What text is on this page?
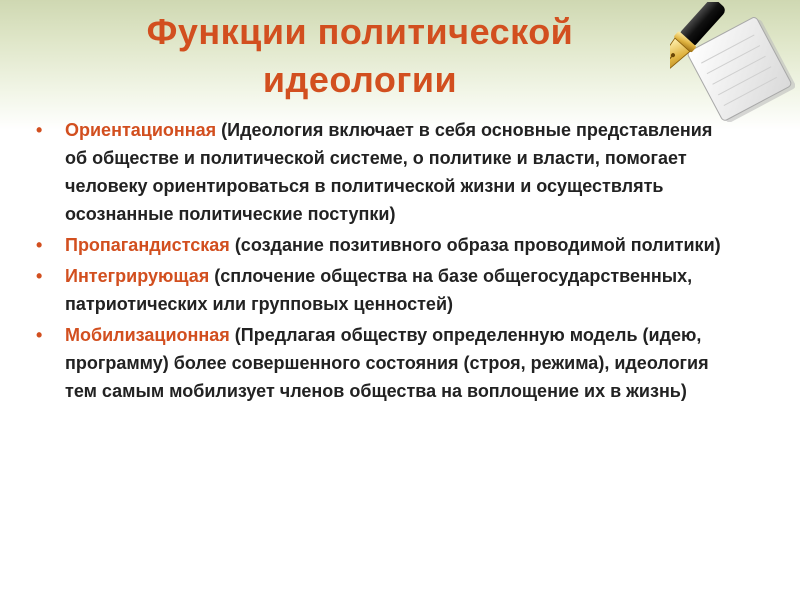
Функции политической
идеологии
• Ориентационная (Идеология включает в себя основные представления об обществе и политической системе, о политике и власти, помогает человеку ориентироваться в политической жизни и осуществлять осознанные политические поступки)
• Пропагандистская (создание позитивного образа проводимой политики)
• Интегрирующая (сплочение общества на базе общегосударственных, патриотических или групповых ценностей)
• Мобилизационная (Предлагая обществу определенную модель (идею, программу) более совершенного состояния (строя, режима), идеология тем самым мобилизует членов общества на воплощение их в жизнь)
